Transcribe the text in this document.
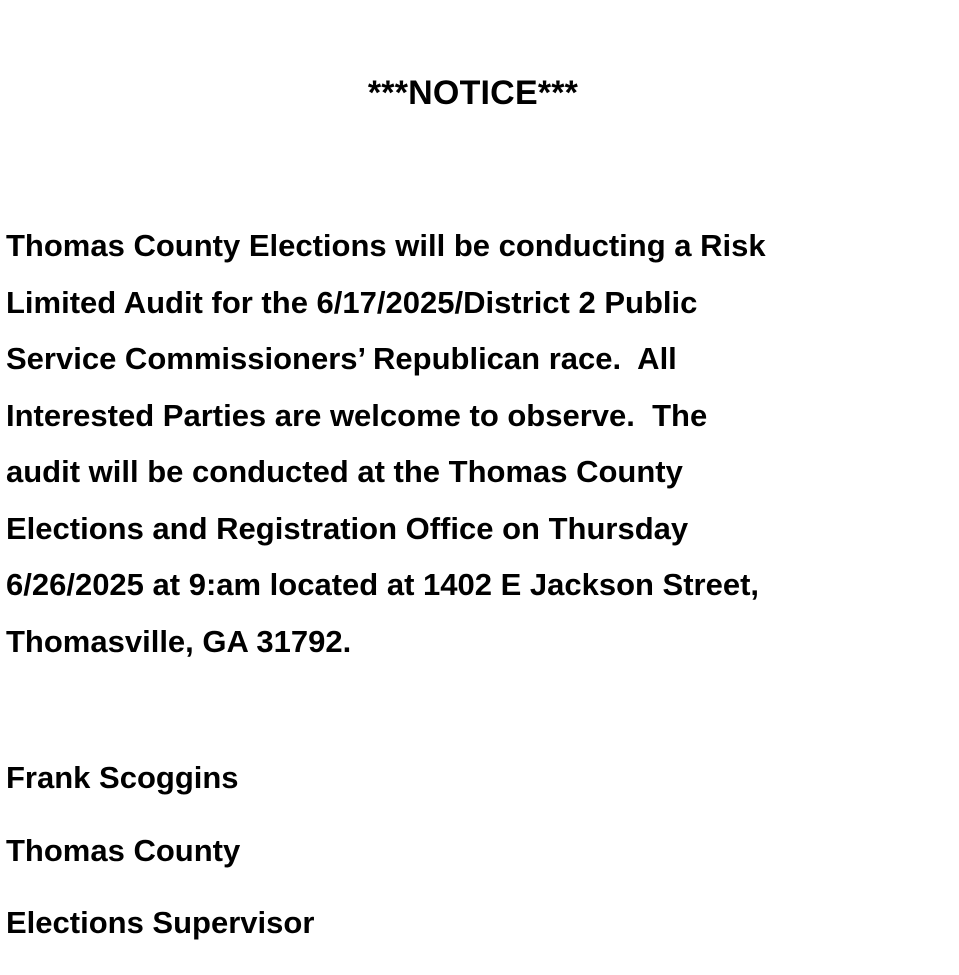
***NOTICE***
Thomas County Elections will be conducting a Risk
Limited Audit for the 6/17/2025/District 2 Public
Service Commissioners’ Republican race.  All
Interested Parties are welcome to observe.  The
audit will be conducted at the Thomas County
Elections and Registration Office on Thursday
6/26/2025 at 9:am located at 1402 E Jackson Street,
Thomasville, GA 31792.
Frank Scoggins
Thomas County
Elections Supervisor
